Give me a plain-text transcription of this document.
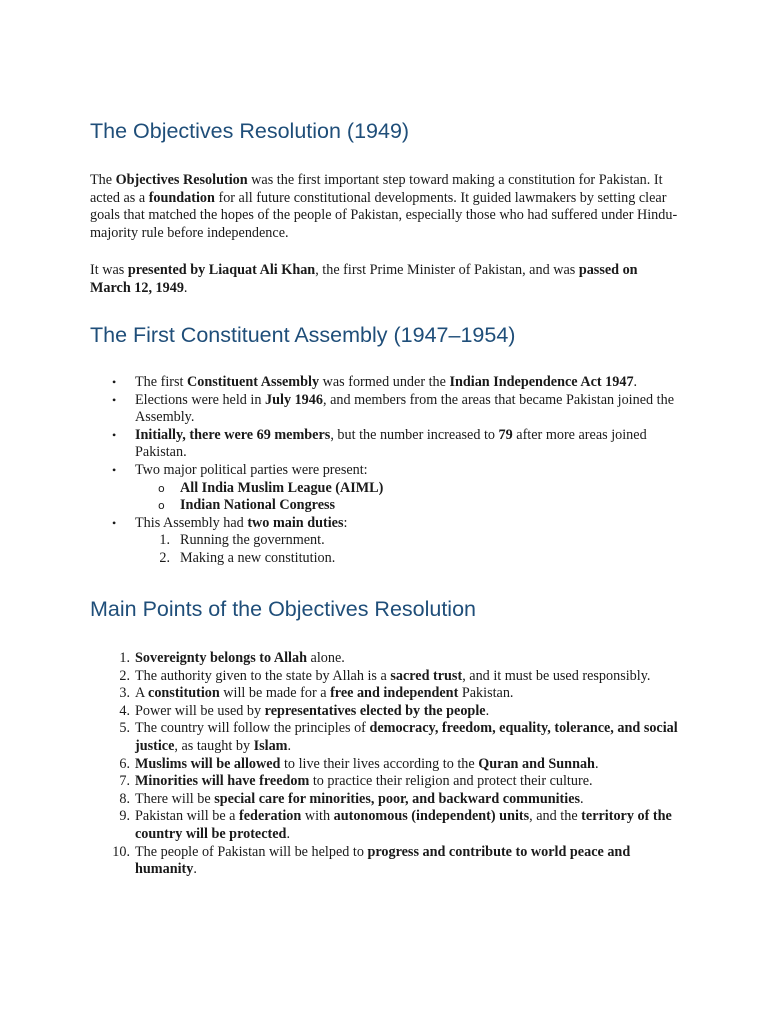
The Objectives Resolution (1949)

The Objectives Resolution was the first important step toward making a constitution for Pakistan. It acted as a foundation for all future constitutional developments. It guided lawmakers by setting clear goals that matched the hopes of the people of Pakistan, especially those who had suffered under Hindu-majority rule before independence.

It was presented by Liaquat Ali Khan, the first Prime Minister of Pakistan, and was passed on March 12, 1949.

The First Constituent Assembly (1947–1954)
•	The first Constituent Assembly was formed under the Indian Independence Act 1947.
•	Elections were held in July 1946, and members from the areas that became Pakistan joined the Assembly.
•	Initially, there were 69 members, but the number increased to 79 after more areas joined Pakistan.
•	Two major political parties were present:
o	All India Muslim League (AIML)
o	Indian National Congress
•	This Assembly had two main duties:
1. Running the government.
2. Making a new constitution.
Main Points of the Objectives Resolution
1. Sovereignty belongs to Allah alone.
2. The authority given to the state by Allah is a sacred trust, and it must be used responsibly.
3. A constitution will be made for a free and independent Pakistan.
4. Power will be used by representatives elected by the people.
5. The country will follow the principles of democracy, freedom, equality, tolerance, and social justice, as taught by Islam.
6. Muslims will be allowed to live their lives according to the Quran and Sunnah.
7. Minorities will have freedom to practice their religion and protect their culture.
8. There will be special care for minorities, poor, and backward communities.
9. Pakistan will be a federation with autonomous (independent) units, and the territory of the country will be protected.
10. The people of Pakistan will be helped to progress and contribute to world peace and humanity.
